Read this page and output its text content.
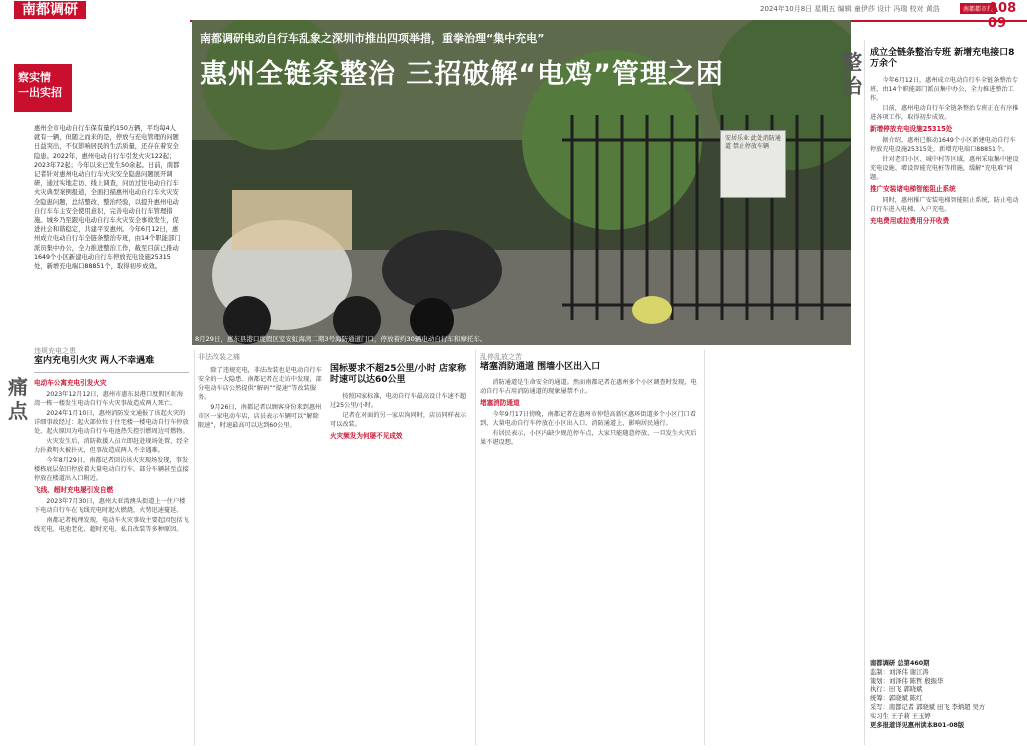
南都调研	2024年10月8日 星期五 编辑 童伊莎 设计 冯瑞 校对 黄浩	南都都市报
A08 09
南都调研电动自行车乱象之深圳市推出四项举措，重拳治理“集中充电”
惠州全链条整治 三招破解“电鸡”管理之困
安居乐业 此处消防通道 禁止停放车辆
8月29日，惠东县港口度假区室安虹海湾二期3号海防通道门口，停放着约30辆电动自行车和摩托车。
察实情
一出实招
惠州全市电动自行车保有量约150万辆，平均每4人就有一辆，但随之而来的是，停放与充电管理的问题日益突出，不仅影响居民的生活质量，还存在着安全隐患。2022年，惠州电动自行车引发火灾122起；2023年72起；今年以来已发生50余起。日前，南都记者针对惠州电动自行车火灾安全隐患问题展开调研，通过实地走访、线上调查，问访过往电动自行车火灾典型案例报道，全面扫描惠州电动自行车火灾安全隐患问题，总结整改、整治经验，以提升惠州电动自行车车主安全使用意识，完善电动自行车管理措施。城乡乃至跟电电动自行车火灾安全事故发生，促进社会和谐稳定，共建平安惠州。今年6月12日，惠州成立电动自行车全链条整治专班，由14个职能部门派员集中办公，全力推进整治工作，截至目前已推动1649个小区新建电动自行车停放充电设施25315处，新增充电端口88851个，取得初步成效。
痛点
违规充电之患
室内充电引火灾 两人不幸遇难
电动车公寓充电引发火灾

2023年12月12日，惠州市惠东县港口度假区虹海湾一栋一楼发生电动自行车火灾事故造成两人死亡。

2024年1月10日，惠州消防发文通报了该起火灾的详细事故经过：起火部位位于住宅楼一楼电动自行车停放处，起火原因为电动自行车电池热失控引燃周边可燃物。

火灾发生后，消防救援人员立即赶赴现场处置，经全力扑救明火被扑灭，但事故造成两人不幸遇难。

今年8月29日，南都记者回访该火灾现场发现，事发楼栋底层依旧停放着大量电动自行车，部分车辆甚至直接停放在楼道出入口附近。

飞线、超时充电屡引发自燃

2023年7月30日，惠州大亚湾澳头街道上一住户楼下电动自行车在飞线充电时起火燃烧，火势迅速蔓延。

南都记者梳理发现，电动车火灾事故主要起因包括飞线充电、电池老化、超时充电、私自改装等多种原因。

非法改装之痛

除了违规充电，非法改装也是电动自行车安全的一大隐患。南都记者在走访中发现，部分电动车店公然提供“解码”“提速”等改装服务。

9月26日，南都记者以顾客身份来到惠州市区一家电动车店，店员表示车辆可以“解除限速”，时速最高可以达到60公里。

国标要求不超25公里/小时 店家称时速可以达60公里

按照国家标准，电动自行车最高设计车速不超过25公里/小时。

记者在对面的另一家店询问时，店员同样表示可以改装。

火灾频发为何屡不见成效
乱停乱放之苦
堵塞消防通道 围墙小区出入口

消防通道是生命安全的通道。然而南都记者在惠州多个小区调查时发现，电动自行车占用消防通道的现象屡禁不止。

堵塞消防通道

今年9月17日傍晚，南都记者在惠州市仲恺高新区惠环街道多个小区门口看到，大量电动自行车停放在小区出入口、消防通道上，影响居民通行。

有居民表示，小区内缺少规范停车点，大家只能随意停放，一旦发生火灾后果不堪设想。

整治
成立全链条整治专班 新增充电接口8万余个

今年6月12日，惠州成立电动自行车全链条整治专班，由14个职能部门派员集中办公，全力推进整治工作。

目前，惠州电动自行车全链条整治专班正在有序推进各项工作，取得初步成效。

新增停放充电设施25315处

据介绍，惠州已推动1649个小区新建电动自行车停放充电设施25315处，新增充电端口88851个。

针对老旧小区、城中村等区域，惠州采取集中建设充电设施、增设智能充电桩等措施，缓解“充电难”问题。

推广安装诸电梯智能阻止系统

同时，惠州推广安装电梯智能阻止系统，防止电动自行车进入电梯、入户充电。

充电费用或拉费用分开收费
南都调研 总第460期
监制：刘泽伟 谢江涛
策划：刘泽伟 陈哲 殷振华
执行：田飞 郭晓斌
统筹：郭晓斌 陈红
采写：南都记者 郭晓斌 田飞 李炳超 吴方
实习生 王子莉 王玉婷
更多报道详见惠州读本B01-08版
